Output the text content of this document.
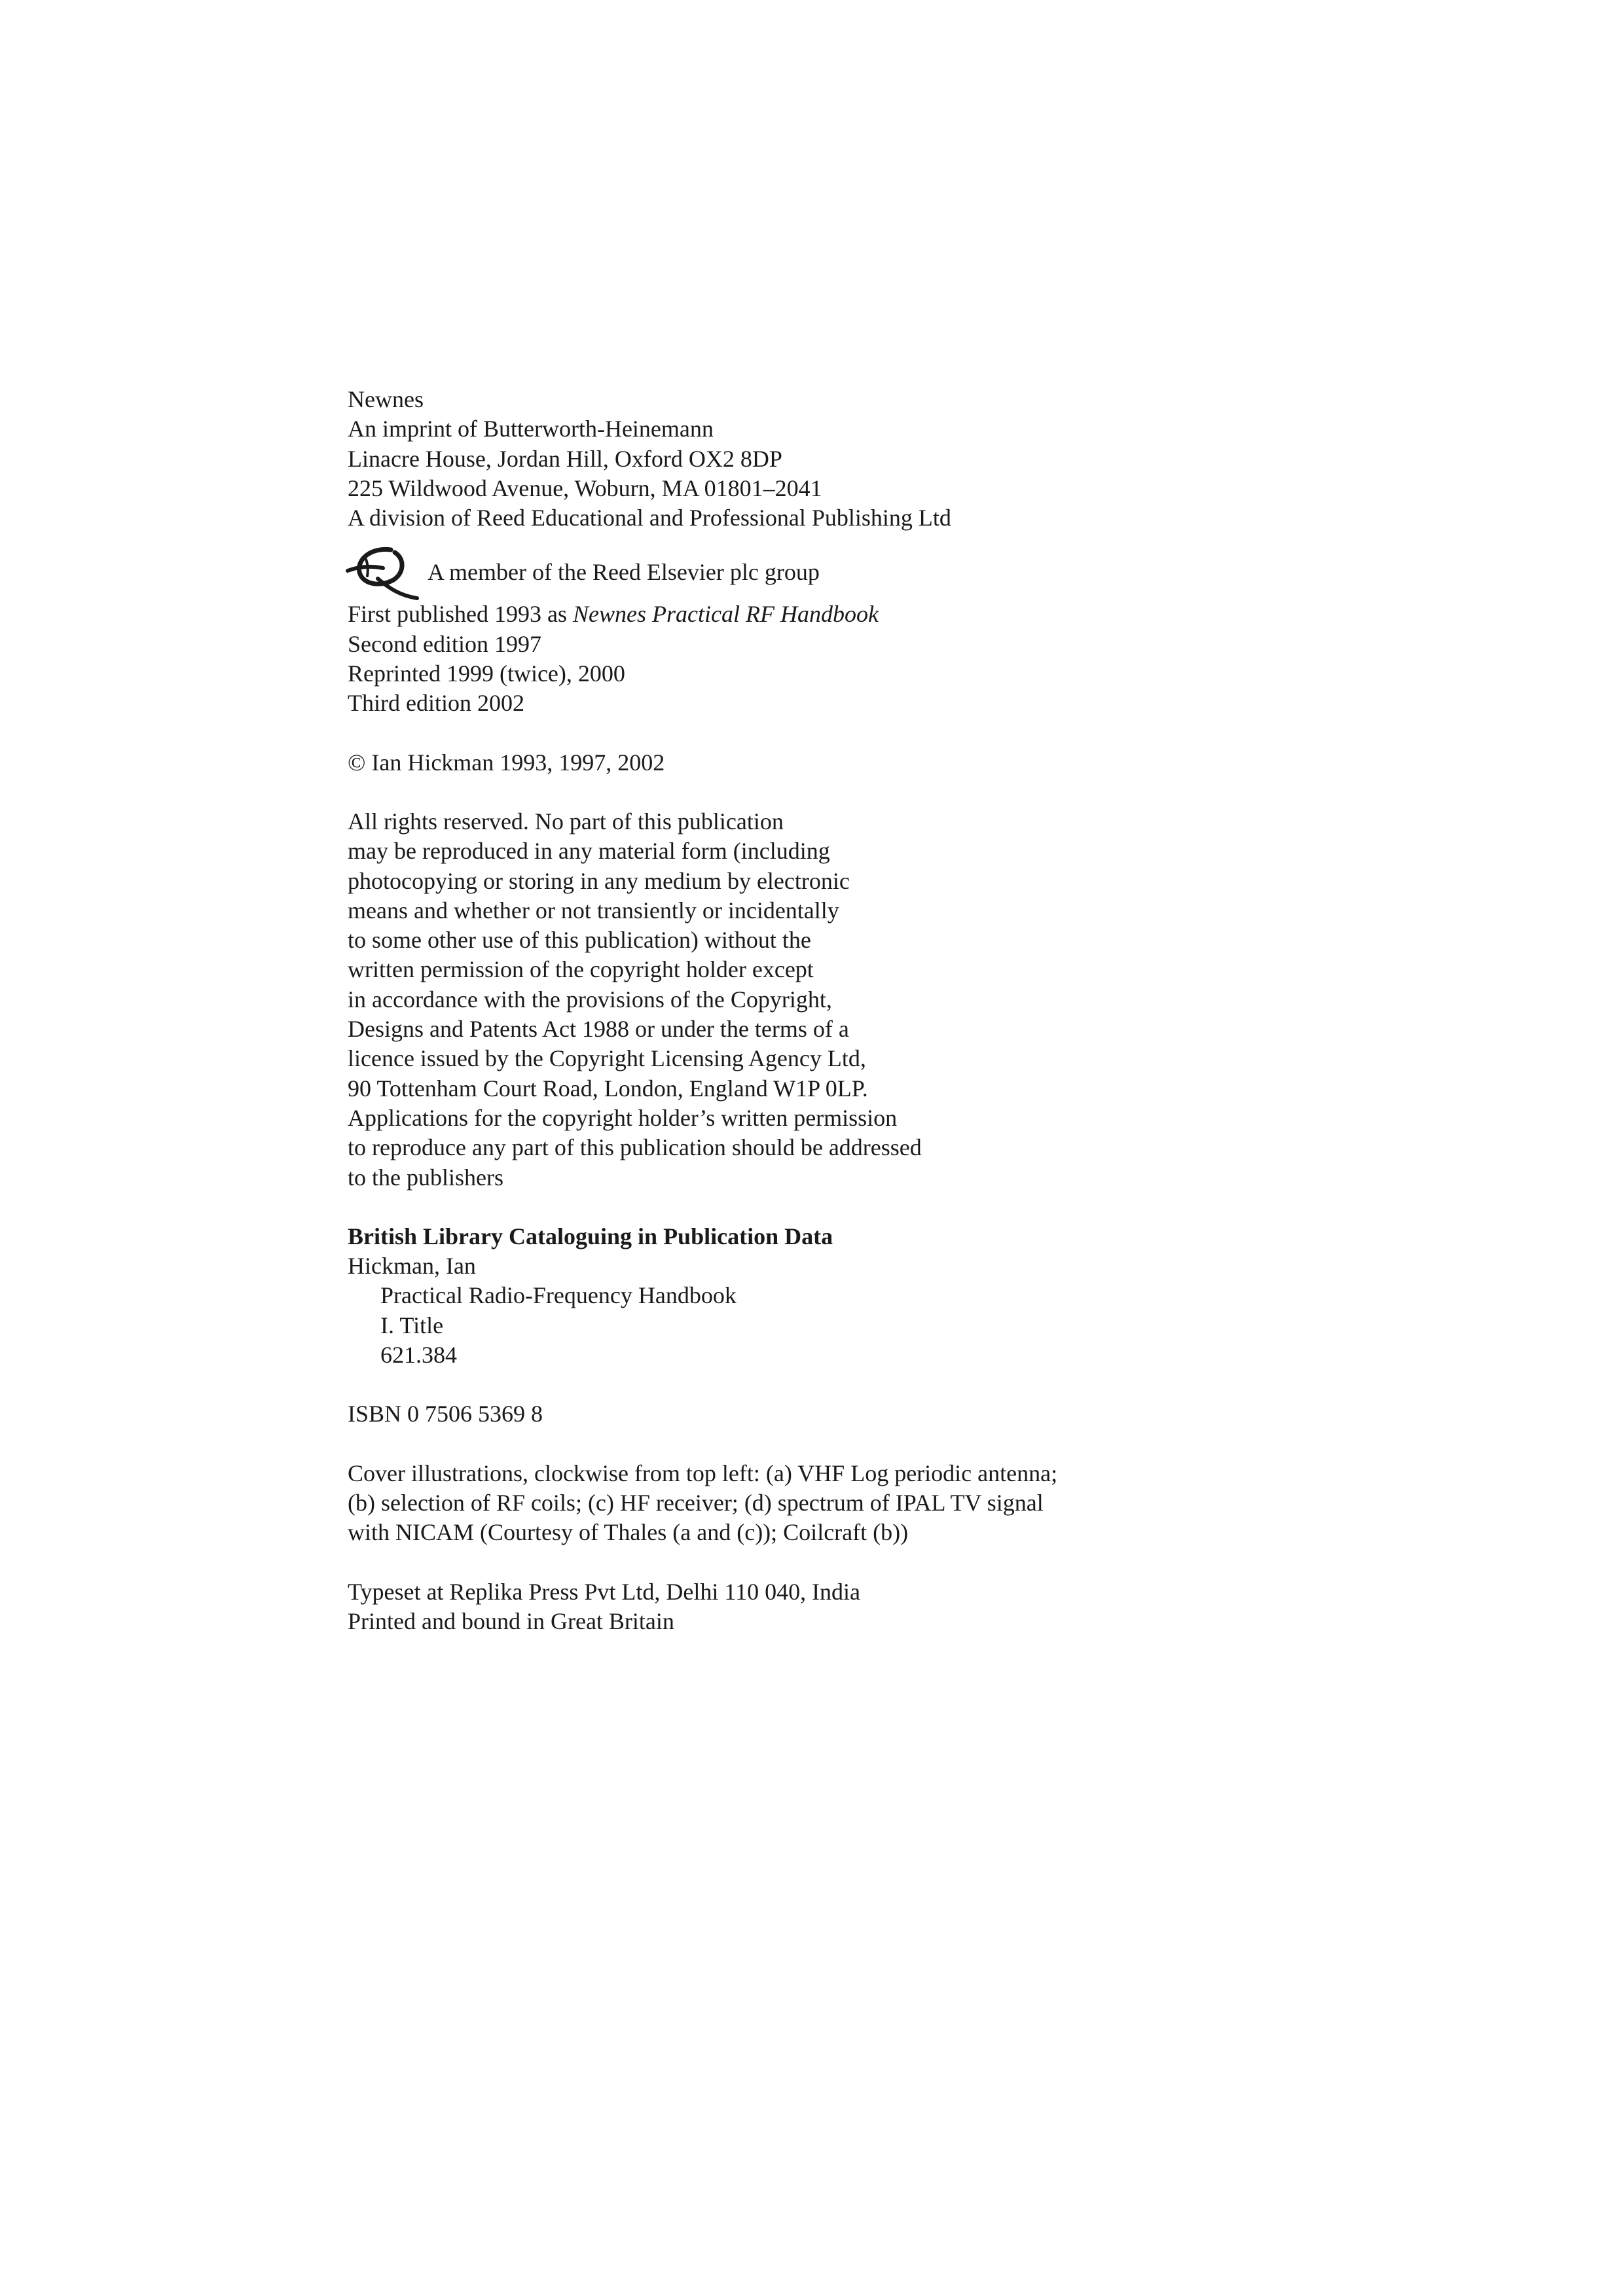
Newnes
An imprint of Butterworth-Heinemann
Linacre House, Jordan Hill, Oxford OX2 8DP
225 Wildwood Avenue, Woburn, MA 01801–2041
A division of Reed Educational and Professional Publishing Ltd
A member of the Reed Elsevier plc group
First published 1993 as Newnes Practical RF Handbook
Second edition 1997
Reprinted 1999 (twice), 2000
Third edition 2002
© Ian Hickman 1993, 1997, 2002
All rights reserved. No part of this publication
may be reproduced in any material form (including
photocopying or storing in any medium by electronic
means and whether or not transiently or incidentally
to some other use of this publication) without the
written permission of the copyright holder except
in accordance with the provisions of the Copyright,
Designs and Patents Act 1988 or under the terms of a
licence issued by the Copyright Licensing Agency Ltd,
90 Tottenham Court Road, London, England W1P 0LP.
Applications for the copyright holder’s written permission
to reproduce any part of this publication should be addressed
to the publishers
British Library Cataloguing in Publication Data
Hickman, Ian
Practical Radio-Frequency Handbook
I. Title
621.384
ISBN 0 7506 5369 8
Cover illustrations, clockwise from top left: (a) VHF Log periodic antenna;
(b) selection of RF coils; (c) HF receiver; (d) spectrum of IPAL TV signal
with NICAM (Courtesy of Thales (a and (c)); Coilcraft (b))
Typeset at Replika Press Pvt Ltd, Delhi 110 040, India
Printed and bound in Great Britain
